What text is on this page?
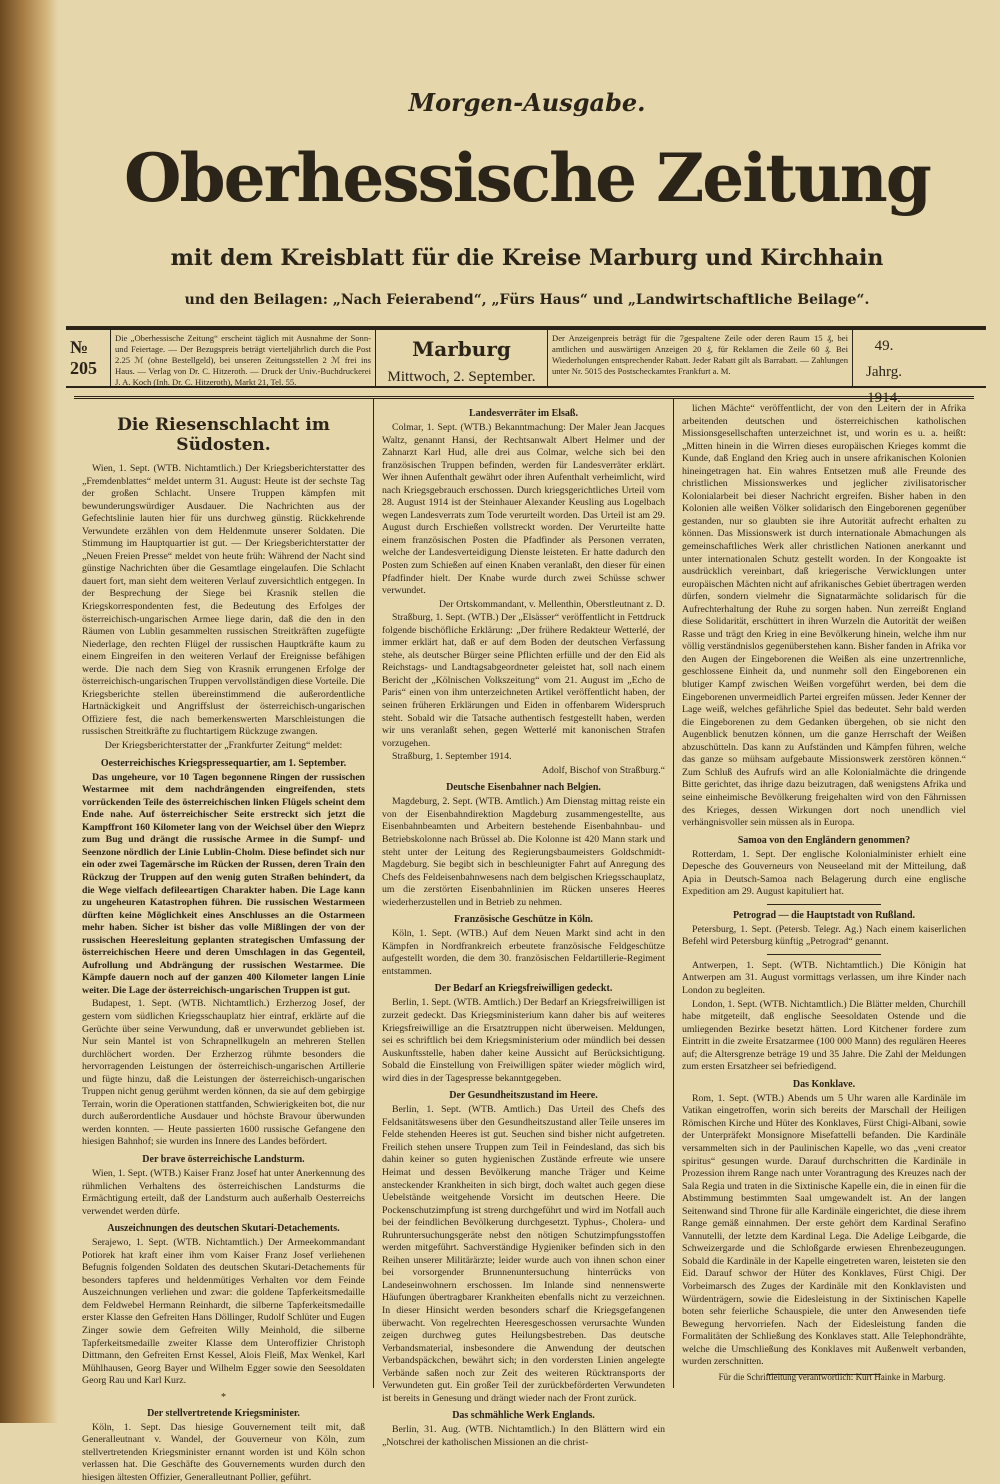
Morgen-Ausgabe.
Oberhessische Zeitung
mit dem Kreisblatt für die Kreise Marburg und Kirchhain
und den Beilagen: „Nach Feierabend“, „Fürs Haus“ und „Landwirtschaftliche Beilage“.
№ 205
Die „Oberhessische Zeitung“ erscheint täglich mit Ausnahme der Sonn- und Feiertage. — Der Bezugspreis beträgt vierteljährlich durch die Post 2.25 ℳ (ohne Bestellgeld), bei unseren Zeitungsstellen 2 ℳ frei ins Haus. — Verlag von Dr. C. Hitzeroth. — Druck der Univ.-Buchdruckerei J. A. Koch (Inh. Dr. C. Hitzeroth), Markt 21, Tel. 55.
Marburg
Mittwoch, 2. September.
Der Anzeigenpreis beträgt für die 7gespaltene Zeile oder deren Raum 15 ₰, bei amtlichen und auswärtigen Anzeigen 20 ₰, für Reklamen die Zeile 60 ₰. Bei Wiederholungen entsprechender Rabatt. Jeder Rabatt gilt als Barrabatt. — Zahlungen unter Nr. 5015 des Postscheckamtes Frankfurt a. M.
49. Jahrg.
1914.
Die Riesenschlacht im Südosten.

Wien, 1. Sept. (WTB. Nichtamtlich.) Der Kriegsberichterstatter des „Fremdenblattes“ meldet unterm 31. August: Heute ist der sechste Tag der großen Schlacht. Unsere Truppen kämpfen mit bewunderungswürdiger Ausdauer. Die Nachrichten aus der Gefechtslinie lauten hier für uns durchweg günstig. Rückkehrende Verwundete erzählen von dem Heldenmute unserer Soldaten. Die Stimmung im Hauptquartier ist gut. — Der Kriegsberichterstatter der „Neuen Freien Presse“ meldet von heute früh: Während der Nacht sind günstige Nachrichten über die Gesamtlage eingelaufen. Die Schlacht dauert fort, man sieht dem weiteren Verlauf zuversichtlich entgegen. In der Besprechung der Siege bei Krasnik stellen die Kriegskorrespondenten fest, die Bedeutung des Erfolges der österreichisch-ungarischen Armee liege darin, daß die den in den Räumen von Lublin gesammelten russischen Streitkräften zugefügte Niederlage, den rechten Flügel der russischen Hauptkräfte kaum zu einem Eingreifen in den weiteren Verlauf der Ereignisse befähigen werde. Die nach dem Sieg von Krasnik errungenen Erfolge der österreichisch-ungarischen Truppen vervollständigen diese Vorteile. Die Kriegsberichte stellen übereinstimmend die außerordentliche Hartnäckigkeit und Angriffslust der österreichisch-ungarischen Offiziere fest, die nach bemerkenswerten Marschleistungen die russischen Streitkräfte zu fluchtartigem Rückzuge zwangen.

Der Kriegsberichterstatter der „Frankfurter Zeitung“ meldet:

Oesterreichisches Kriegspressequartier, am 1. September.

Das ungeheure, vor 10 Tagen begonnene Ringen der russischen Westarmee mit dem nachdrängenden eingreifenden, stets vorrückenden Teile des österreichischen linken Flügels scheint dem Ende nahe. Auf österreichischer Seite erstreckt sich jetzt die Kampffront 160 Kilometer lang von der Weichsel über den Wieprz zum Bug und drängt die russische Armee in die Sumpf- und Seenzone nördlich der Linie Lublin-Cholm. Diese befindet sich nur ein oder zwei Tagemärsche im Rücken der Russen, deren Train den Rückzug der Truppen auf den wenig guten Straßen behindert, da die Wege vielfach defileeartigen Charakter haben. Die Lage kann zu ungeheuren Katastrophen führen. Die russischen Westarmeen dürften keine Möglichkeit eines Anschlusses an die Ostarmeen mehr haben. Sicher ist bisher das volle Mißlingen der von der russischen Heeresleitung geplanten strategischen Umfassung der österreichischen Heere und deren Umschlagen in das Gegenteil, Aufrollung und Abdrängung der russischen Westarmee. Die Kämpfe dauern noch auf der ganzen 400 Kilometer langen Linie weiter. Die Lage der österreichisch-ungarischen Truppen ist gut.

Budapest, 1. Sept. (WTB. Nichtamtlich.) Erzherzog Josef, der gestern vom südlichen Kriegsschauplatz hier eintraf, erklärte auf die Gerüchte über seine Verwundung, daß er unverwundet geblieben ist. Nur sein Mantel ist von Schrapnellkugeln an mehreren Stellen durchlöchert worden. Der Erzherzog rühmte besonders die hervorragenden Leistungen der österreichisch-ungarischen Artillerie und fügte hinzu, daß die Leistungen der österreichisch-ungarischen Truppen nicht genug gerühmt werden können, da sie auf dem gebirgige Terrain, worin die Operationen stattfanden, Schwierigkeiten bot, die nur durch außerordentliche Ausdauer und höchste Bravour überwunden werden konnten. — Heute passierten 1600 russische Gefangene den hiesigen Bahnhof; sie wurden ins Innere des Landes befördert.

Der brave österreichische Landsturm.

Wien, 1. Sept. (WTB.) Kaiser Franz Josef hat unter Anerkennung des rühmlichen Verhaltens des österreichischen Landsturms die Ermächtigung erteilt, daß der Landsturm auch außerhalb Oesterreichs verwendet werden dürfe.

Auszeichnungen des deutschen Skutari-Detachements.

Serajewo, 1. Sept. (WTB. Nichtamtlich.) Der Armeekommandant Potiorek hat kraft einer ihm vom Kaiser Franz Josef verliehenen Befugnis folgenden Soldaten des deutschen Skutari-Detachements für besonders tapferes und heldenmütiges Verhalten vor dem Feinde Auszeichnungen verliehen und zwar: die goldene Tapferkeitsmedaille dem Feldwebel Hermann Reinhardt, die silberne Tapferkeitsmedaille erster Klasse den Gefreiten Hans Döllinger, Rudolf Schlüter und Eugen Zinger sowie dem Gefreiten Willy Meinhold, die silberne Tapferkeitsmedaille zweiter Klasse dem Unteroffizier Christoph Dittmann, den Gefreiten Ernst Kessel, Alois Fleiß, Max Wenkel, Karl Mühlhausen, Georg Bayer und Wilhelm Egger sowie den Seesoldaten Georg Rau und Karl Kurz.

*
Der stellvertretende Kriegsminister.

Köln, 1. Sept. Das hiesige Gouvernement teilt mit, daß Generalleutnant v. Wandel, der Gouverneur von Köln, zum stellvertretenden Kriegsminister ernannt worden ist und Köln schon verlassen hat. Die Geschäfte des Gouvernements wurden durch den hiesigen ältesten Offizier, Generalleutnant Pollier, geführt.

Landesverräter im Elsaß.

Colmar, 1. Sept. (WTB.) Bekanntmachung: Der Maler Jean Jacques Waltz, genannt Hansi, der Rechtsanwalt Albert Helmer und der Zahnarzt Karl Hud, alle drei aus Colmar, welche sich bei den französischen Truppen befinden, werden für Landesverräter erklärt. Wer ihnen Aufenthalt gewährt oder ihren Aufenthalt verheimlicht, wird nach Kriegsgebrauch erschossen. Durch kriegsgerichtliches Urteil vom 28. August 1914 ist der Steinhauer Alexander Keusling aus Logelbach wegen Landesverrats zum Tode verurteilt worden. Das Urteil ist am 29. August durch Erschießen vollstreckt worden. Der Verurteilte hatte einem französischen Posten die Pfadfinder als Personen verraten, welche der Landesverteidigung Dienste leisteten. Er hatte dadurch den Posten zum Schießen auf einen Knaben veranlaßt, den dieser für einen Pfadfinder hielt. Der Knabe wurde durch zwei Schüsse schwer verwundet.

Der Ortskommandant, v. Mellenthin, Oberstleutnant z. D.

Straßburg, 1. Sept. (WTB.) Der „Elsässer“ veröffentlicht in Fettdruck folgende bischöfliche Erklärung: „Der frühere Redakteur Wetterlé, der immer erklärt hat, daß er auf dem Boden der deutschen Verfassung stehe, als deutscher Bürger seine Pflichten erfülle und der den Eid als Reichstags- und Landtagsabgeordneter geleistet hat, soll nach einem Bericht der „Kölnischen Volkszeitung“ vom 21. August im „Echo de Paris“ einen von ihm unterzeichneten Artikel veröffentlicht haben, der seinen früheren Erklärungen und Eiden in offenbarem Widerspruch steht. Sobald wir die Tatsache authentisch festgestellt haben, werden wir uns veranlaßt sehen, gegen Wetterlé mit kanonischen Strafen vorzugehen.

Straßburg, 1. September 1914.

Adolf, Bischof von Straßburg.“

Deutsche Eisenbahner nach Belgien.

Magdeburg, 2. Sept. (WTB. Amtlich.) Am Dienstag mittag reiste ein von der Eisenbahndirektion Magdeburg zusammengestellte, aus Eisenbahnbeamten und Arbeitern bestehende Eisenbahnbau- und Betriebskolonne nach Brüssel ab. Die Kolonne ist 420 Mann stark und steht unter der Leitung des Regierungsbaumeisters Goldschmidt-Magdeburg. Sie begibt sich in beschleunigter Fahrt auf Anregung des Chefs des Feldeisenbahnwesens nach dem belgischen Kriegsschauplatz, um die zerstörten Eisenbahnlinien im Rücken unseres Heeres wiederherzustellen und in Betrieb zu nehmen.

Französische Geschütze in Köln.

Köln, 1. Sept. (WTB.) Auf dem Neuen Markt sind acht in den Kämpfen in Nordfrankreich erbeutete französische Feldgeschütze aufgestellt worden, die dem 30. französischen Feldartillerie-Regiment entstammen.

Der Bedarf an Kriegsfreiwilligen gedeckt.

Berlin, 1. Sept. (WTB. Amtlich.) Der Bedarf an Kriegsfreiwilligen ist zurzeit gedeckt. Das Kriegsministerium kann daher bis auf weiteres Kriegsfreiwillige an die Ersatztruppen nicht überweisen. Meldungen, sei es schriftlich bei dem Kriegsministerium oder mündlich bei dessen Auskunftsstelle, haben daher keine Aussicht auf Berücksichtigung. Sobald die Einstellung von Freiwilligen später wieder möglich wird, wird dies in der Tagespresse bekanntgegeben.

Der Gesundheitszustand im Heere.

Berlin, 1. Sept. (WTB. Amtlich.) Das Urteil des Chefs des Feldsanitätswesens über den Gesundheitszustand aller Teile unseres im Felde stehenden Heeres ist gut. Seuchen sind bisher nicht aufgetreten. Freilich stehen unsere Truppen zum Teil in Feindesland, das sich bis dahin keiner so guten hygienischen Zustände erfreute wie unsere Heimat und dessen Bevölkerung manche Träger und Keime ansteckender Krankheiten in sich birgt, doch waltet auch gegen diese Uebelstände weitgehende Vorsicht im deutschen Heere. Die Pockenschutzimpfung ist streng durchgeführt und wird im Notfall auch bei der feindlichen Bevölkerung durchgesetzt. Typhus-, Cholera- und Ruhruntersuchungsgeräte nebst den nötigen Schutzimpfungsstoffen werden mitgeführt. Sachverständige Hygieniker befinden sich in den Reihen unserer Militärärzte; leider wurde auch von ihnen schon einer bei vorsorgender Brunnenuntersuchung hinterrücks von Landeseinwohnern erschossen. Im Inlande sind nennenswerte Häufungen übertragbarer Krankheiten ebenfalls nicht zu verzeichnen. In dieser Hinsicht werden besonders scharf die Kriegsgefangenen überwacht. Von regelrechten Heeresgeschossen verursachte Wunden zeigen durchweg gutes Heilungsbestreben. Das deutsche Verbandsmaterial, insbesondere die Anwendung der deutschen Verbandspäckchen, bewährt sich; in den vordersten Linien angelegte Verbände saßen noch zur Zeit des weiteren Rücktransports der Verwundeten gut. Ein großer Teil der zurückbeförderten Verwundeten ist bereits in Genesung und drängt wieder nach der Front zurück.

Das schmähliche Werk Englands.

Berlin, 31. Aug. (WTB. Nichtamtlich.) In den Blättern wird ein „Notschrei der katholischen Missionen an die christ-

lichen Mächte“ veröffentlicht, der von den Leitern der in Afrika arbeitenden deutschen und österreichischen katholischen Missionsgesellschaften unterzeichnet ist, und worin es u. a. heißt: „Mitten hinein in die Wirren dieses europäischen Krieges kommt die Kunde, daß England den Krieg auch in unsere afrikanischen Kolonien hineingetragen hat. Ein wahres Entsetzen muß alle Freunde des christlichen Missionswerkes und jeglicher zivilisatorischer Kolonialarbeit bei dieser Nachricht ergreifen. Bisher haben in den Kolonien alle weißen Völker solidarisch den Eingeborenen gegenüber gestanden, nur so glaubten sie ihre Autorität aufrecht erhalten zu können. Das Missionswerk ist durch internationale Abmachungen als gemeinschaftliches Werk aller christlichen Nationen anerkannt und unter internationalen Schutz gestellt worden. In der Kongoakte ist ausdrücklich vereinbart, daß kriegerische Verwicklungen unter europäischen Mächten nicht auf afrikanisches Gebiet übertragen werden dürfen, sondern vielmehr die Signatarmächte solidarisch für die Aufrechterhaltung der Ruhe zu sorgen haben. Nun zerreißt England diese Solidarität, erschüttert in ihren Wurzeln die Autorität der weißen Rasse und trägt den Krieg in eine Bevölkerung hinein, welche ihm nur völlig verständnislos gegenüberstehen kann. Bisher fanden in Afrika vor den Augen der Eingeborenen die Weißen als eine unzertrennliche, geschlossene Einheit da, und nunmehr soll den Eingeborenen ein blutiger Kampf zwischen Weißen vorgeführt werden, bei dem die Eingeborenen unvermeidlich Partei ergreifen müssen. Jeder Kenner der Lage weiß, welches gefährliche Spiel das bedeutet. Sehr bald werden die Eingeborenen zu dem Gedanken übergehen, ob sie nicht den Augenblick benutzen können, um die ganze Herrschaft der Weißen abzuschütteln. Das kann zu Aufständen und Kämpfen führen, welche das ganze so mühsam aufgebaute Missionswerk zerstören können.“ Zum Schluß des Aufrufs wird an alle Kolonialmächte die dringende Bitte gerichtet, das ihrige dazu beizutragen, daß wenigstens Afrika und seine einheimische Bevölkerung freigehalten wird von den Fährnissen des Krieges, dessen Wirkungen dort noch unendlich viel verhängnisvoller sein müssen als in Europa.

Samoa von den Engländern genommen?

Rotterdam, 1. Sept. Der englische Kolonialminister erhielt eine Depesche des Gouverneurs von Neuseeland mit der Mitteilung, daß Apia in Deutsch-Samoa nach Belagerung durch eine englische Expedition am 29. August kapituliert hat.

Petrograd — die Hauptstadt von Rußland.

Petersburg, 1. Sept. (Petersb. Telegr. Ag.) Nach einem kaiserlichen Befehl wird Petersburg künftig „Petrograd“ genannt.

Antwerpen, 1. Sept. (WTB. Nichtamtlich.) Die Königin hat Antwerpen am 31. August vormittags verlassen, um ihre Kinder nach London zu begleiten.

London, 1. Sept. (WTB. Nichtamtlich.) Die Blätter melden, Churchill habe mitgeteilt, daß englische Seesoldaten Ostende und die umliegenden Bezirke besetzt hätten. Lord Kitchener fordere zum Eintritt in die zweite Ersatzarmee (100 000 Mann) des regulären Heeres auf; die Altersgrenze beträge 19 und 35 Jahre. Die Zahl der Meldungen zum ersten Ersatzheer sei befriedigend.

Das Konklave.

Rom, 1. Sept. (WTB.) Abends um 5 Uhr waren alle Kardinäle im Vatikan eingetroffen, worin sich bereits der Marschall der Heiligen Römischen Kirche und Hüter des Konklaves, Fürst Chigi-Albani, sowie der Unterpräfekt Monsignore Misefattelli befanden. Die Kardinäle versammelten sich in der Paulinischen Kapelle, wo das „veni creator spiritus“ gesungen wurde. Darauf durchschritten die Kardinäle in Prozession ihrem Range nach unter Vorantragung des Kreuzes nach der Sala Regia und traten in die Sixtinische Kapelle ein, die in einen für die Abstimmung bestimmten Saal umgewandelt ist. An der langen Seitenwand sind Throne für alle Kardinäle eingerichtet, die diese ihrem Range gemäß einnahmen. Der erste gehört dem Kardinal Serafino Vannutelli, der letzte dem Kardinal Lega. Die Adelige Leibgarde, die Schweizergarde und die Schloßgarde erwiesen Ehrenbezeugungen. Sobald die Kardinäle in der Kapelle eingetreten waren, leisteten sie den Eid. Darauf schwor der Hüter des Konklaves, Fürst Chigi. Der Vorbeimarsch des Zuges der Kardinäle mit den Konklavisten und Würdenträgern, sowie die Eidesleistung in der Sixtinischen Kapelle boten sehr feierliche Schauspiele, die unter den Anwesenden tiefe Bewegung hervorriefen. Nach der Eidesleistung fanden die Formalitäten der Schließung des Konklaves statt. Alle Telephondrähte, welche die Umschließung des Konklaves mit Außenwelt verbanden, wurden zerschnitten.

Für die Schriftleitung verantwortlich: Kurt Hainke in Marburg.
